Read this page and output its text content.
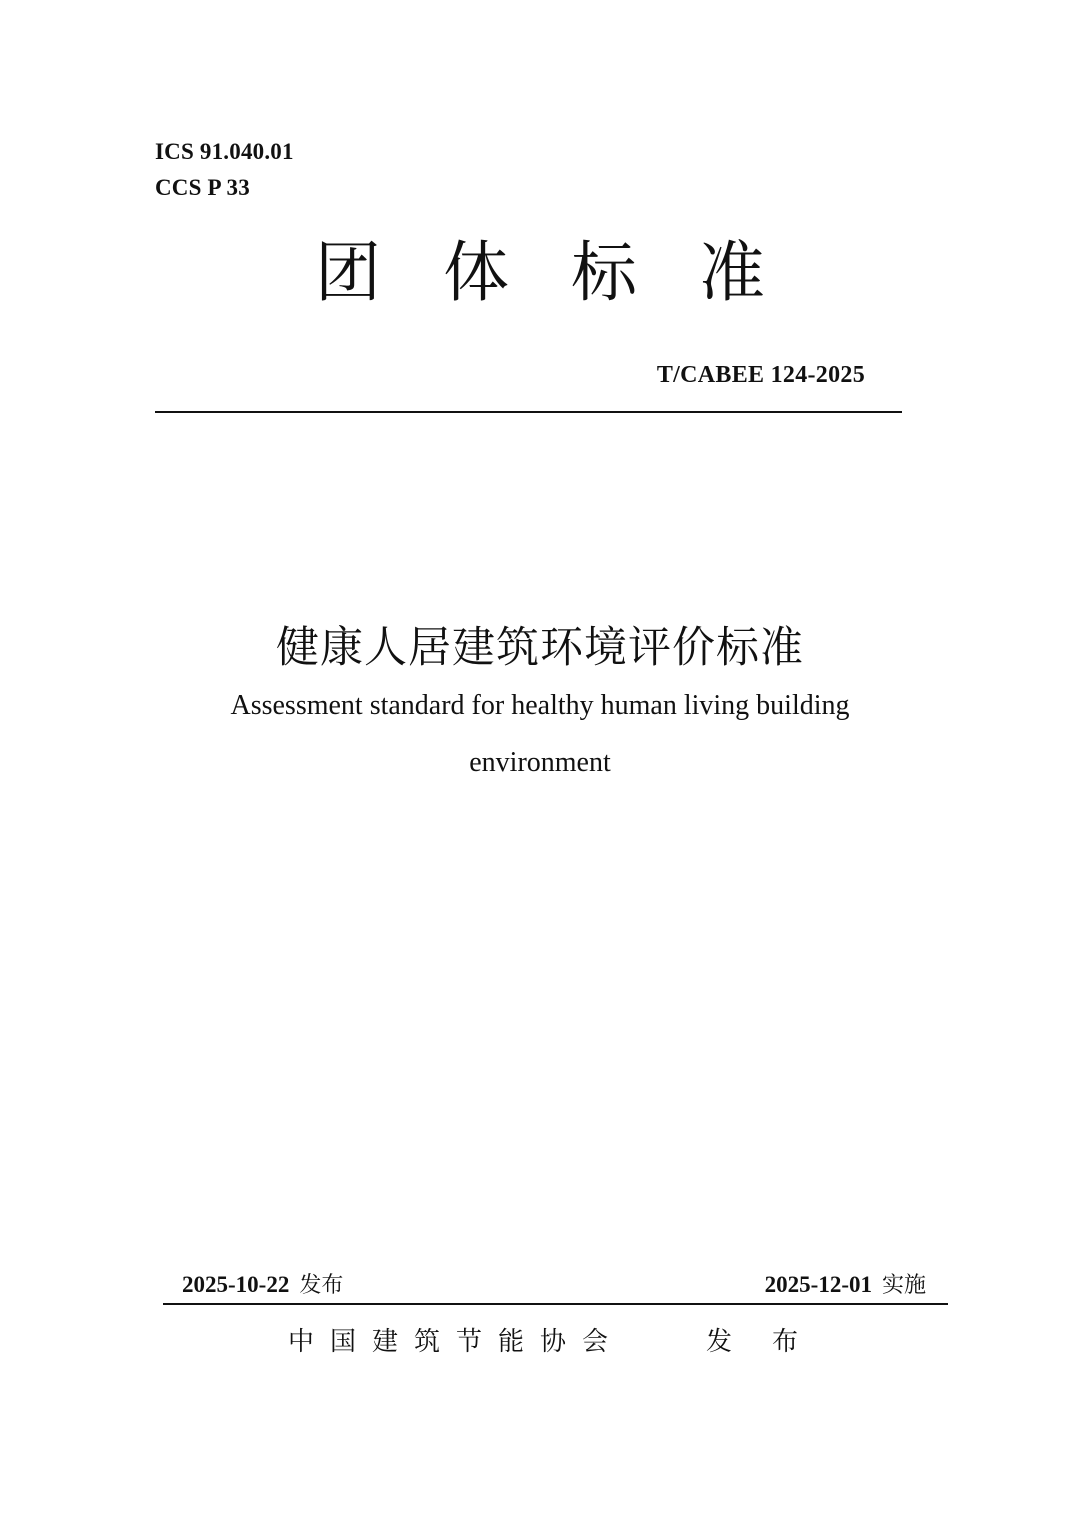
ICS 91.040.01

CCS P 33

团体标准

T/CABEE 124-2025

健康人居建筑环境评价标准

Assessment standard for healthy human living building

environment

2025-10-22 发布	2025-12-01 实施

中国建筑节能协会	发布
